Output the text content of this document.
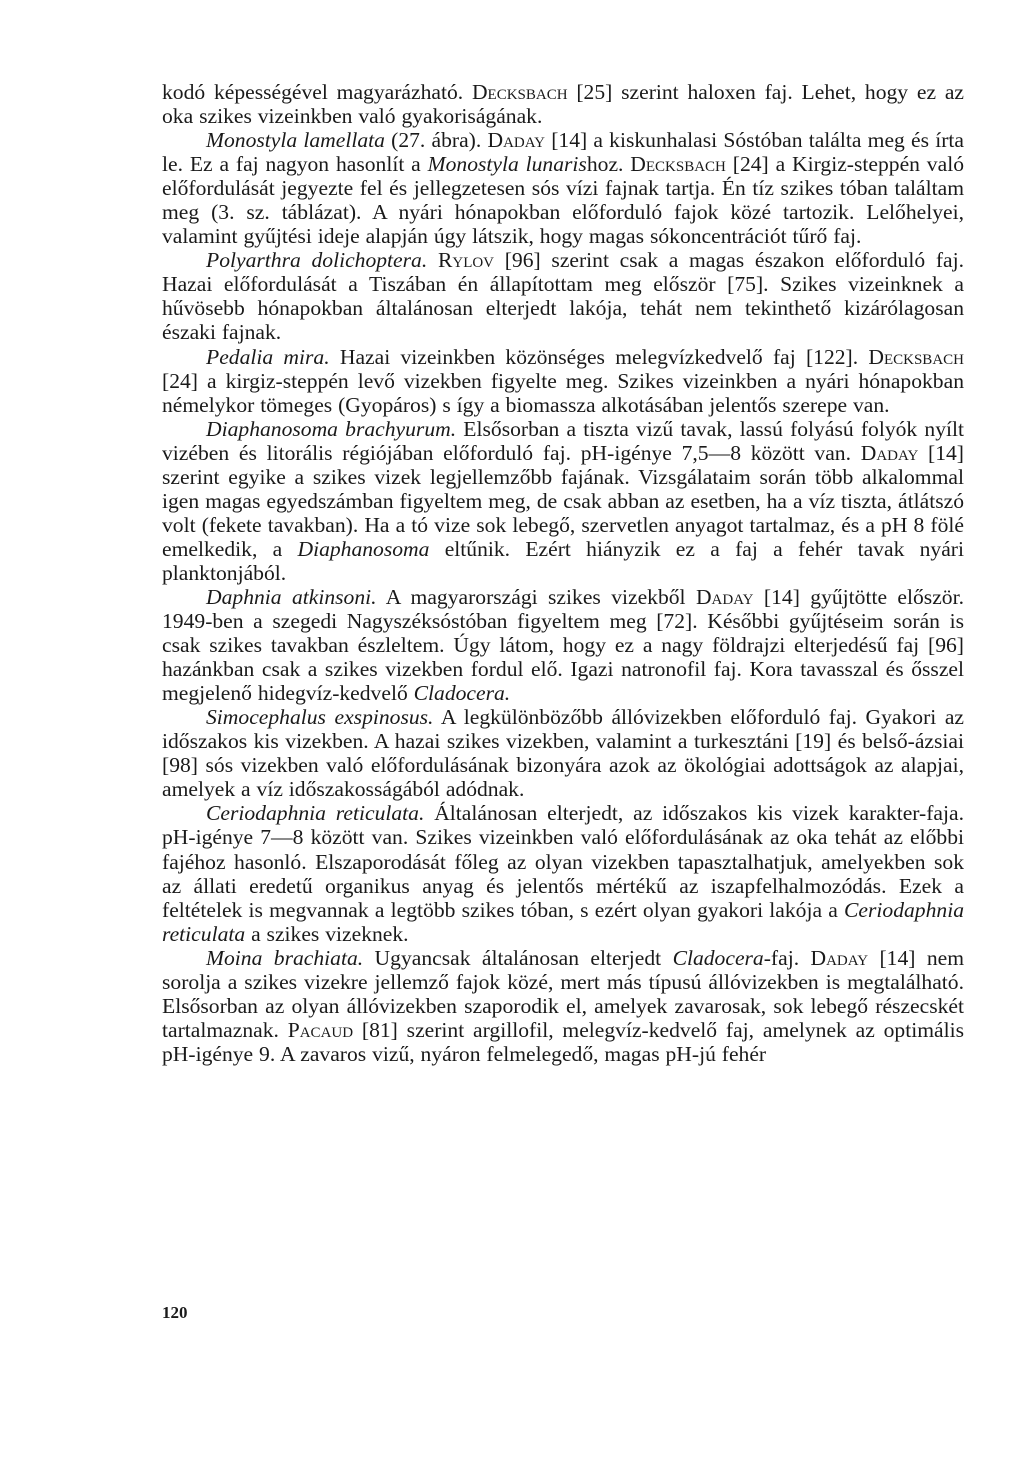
kodó képességével magyarázható. Decksbach [25] szerint haloxen faj. Lehet, hogy ez az oka szikes vizeinkben való gyakoriságának.

Monostyla lamellata (27. ábra). Daday [14] a kiskunhalasi Sóstóban találta meg és írta le. Ez a faj nagyon hasonlít a Monostyla lunarishoz. Decksbach [24] a Kirgiz-steppén való előfordulását jegyezte fel és jellegzetesen sós vízi fajnak tartja. Én tíz szikes tóban találtam meg (3. sz. táblázat). A nyári hónapokban előforduló fajok közé tartozik. Lelőhelyei, valamint gyűjtési ideje alapján úgy látszik, hogy magas sókoncentrációt tűrő faj.

Polyarthra dolichoptera. Rylov [96] szerint csak a magas északon előforduló faj. Hazai előfordulását a Tiszában én állapítottam meg először [75]. Szikes vizeinknek a hűvösebb hónapokban általánosan elterjedt lakója, tehát nem tekinthető kizárólagosan északi fajnak.

Pedalia mira. Hazai vizeinkben közönséges melegvízkedvelő faj [122]. Decksbach [24] a kirgiz-steppén levő vizekben figyelte meg. Szikes vizeinkben a nyári hónapokban némelykor tömeges (Gyopáros) s így a biomassza alkotásában jelentős szerepe van.

Diaphanosoma brachyurum. Elsősorban a tiszta vizű tavak, lassú folyású folyók nyílt vizében és litorális régiójában előforduló faj. pH-igénye 7,5—8 között van. Daday [14] szerint egyike a szikes vizek legjellemzőbb fajának. Vizsgálataim során több alkalommal igen magas egyedszámban figyeltem meg, de csak abban az esetben, ha a víz tiszta, átlátszó volt (fekete tavakban). Ha a tó vize sok lebegő, szervetlen anyagot tartalmaz, és a pH 8 fölé emelkedik, a Diaphanosoma eltűnik. Ezért hiányzik ez a faj a fehér tavak nyári planktonjából.

Daphnia atkinsoni. A magyarországi szikes vizekből Daday [14] gyűjtötte először. 1949-ben a szegedi Nagyszéksóstóban figyeltem meg [72]. Későbbi gyűjtéseim során is csak szikes tavakban észleltem. Úgy látom, hogy ez a nagy földrajzi elterjedésű faj [96] hazánkban csak a szikes vizekben fordul elő. Igazi natronofil faj. Kora tavasszal és ősszel megjelenő hidegvíz-kedvelő Cladocera.

Simocephalus exspinosus. A legkülönbözőbb állóvizekben előforduló faj. Gyakori az időszakos kis vizekben. A hazai szikes vizekben, valamint a turkesztáni [19] és belső-ázsiai [98] sós vizekben való előfordulásának bizonyára azok az ökológiai adottságok az alapjai, amelyek a víz időszakosságából adódnak.

Ceriodaphnia reticulata. Általánosan elterjedt, az időszakos kis vizek karakter-faja. pH-igénye 7—8 között van. Szikes vizeinkben való előfordulásának az oka tehát az előbbi fajéhoz hasonló. Elszaporodását főleg az olyan vizekben tapasztalhatjuk, amelyekben sok az állati eredetű organikus anyag és jelentős mértékű az iszapfelhalmozódás. Ezek a feltételek is megvannak a legtöbb szikes tóban, s ezért olyan gyakori lakója a Ceriodaphnia reticulata a szikes vizeknek.

Moina brachiata. Ugyancsak általánosan elterjedt Cladocera-faj. Daday [14] nem sorolja a szikes vizekre jellemző fajok közé, mert más típusú állóvizekben is megtalálható. Elsősorban az olyan állóvizekben szaporodik el, amelyek zavarosak, sok lebegő részecskét tartalmaznak. Pacaud [81] szerint argillofil, melegvíz-kedvelő faj, amelynek az optimális pH-igénye 9. A zavaros vizű, nyáron felmelegedő, magas pH-jú fehér

120
